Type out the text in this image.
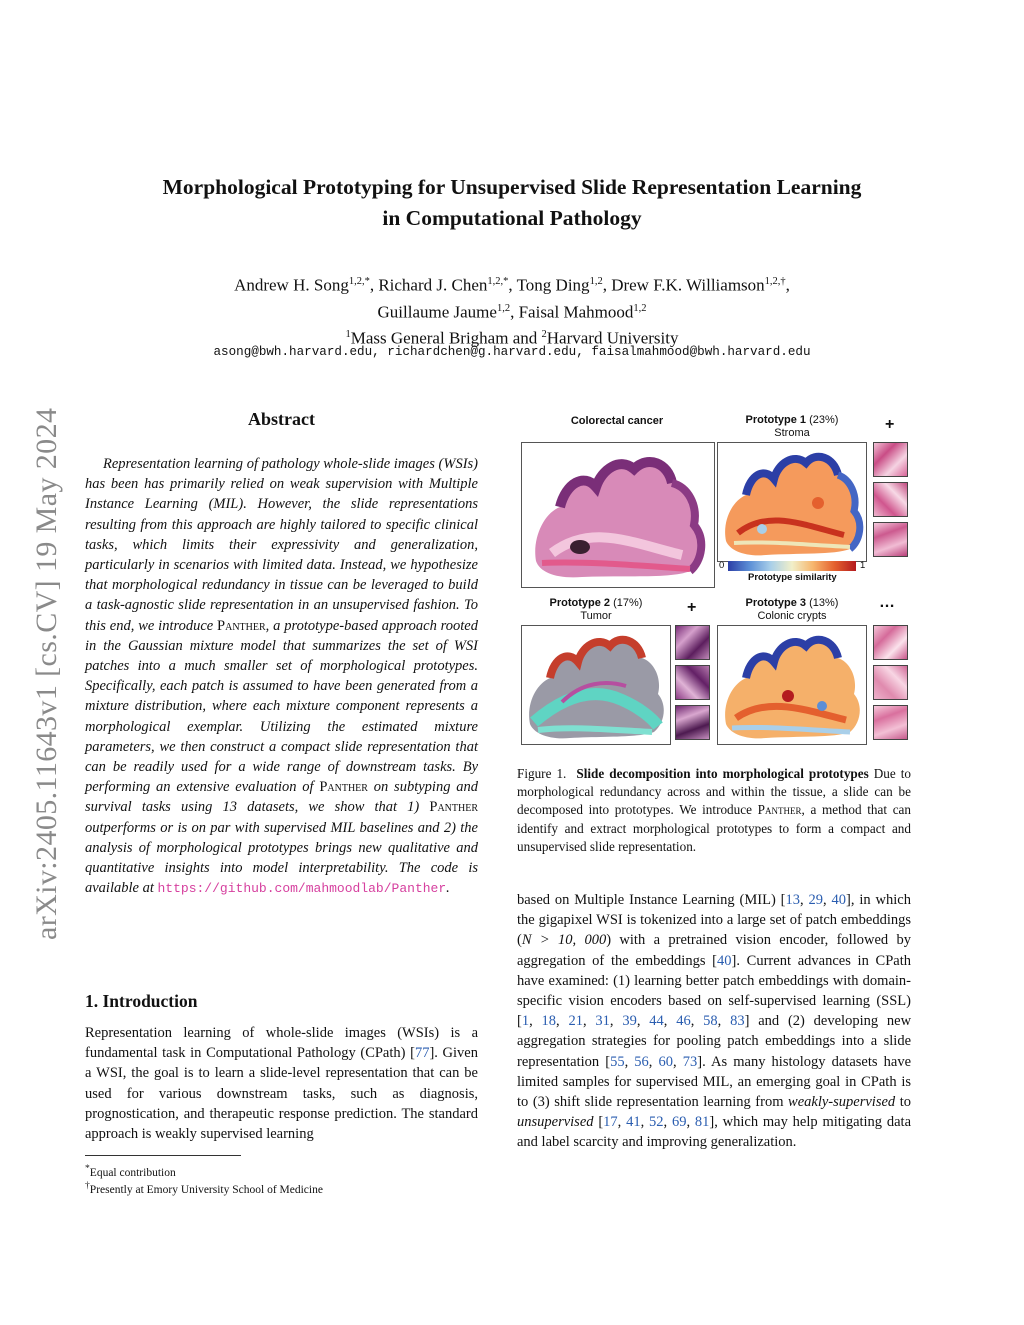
arXiv:2405.11643v1 [cs.CV] 19 May 2024
Morphological Prototyping for Unsupervised Slide Representation Learning
in Computational Pathology
Andrew H. Song$^{1,2,*}$, Richard J. Chen$^{1,2,*}$, Tong Ding$^{1,2}$, Drew F.K. Williamson$^{1,2,\dagger}$,
Guillaume Jaume$^{1,2}$, Faisal Mahmood$^{1,2}$
$^1$Mass General Brigham and $^2$Harvard University
asong@bwh.harvard.edu, richardchen@g.harvard.edu, faisalmahmood@bwh.harvard.edu
Abstract

Representation learning of pathology whole-slide images (WSIs) has been has primarily relied on weak supervision with Multiple Instance Learning (MIL). However, the slide representations resulting from this approach are highly tailored to specific clinical tasks, which limits their expressivity and generalization, particularly in scenarios with limited data. Instead, we hypothesize that morphological redundancy in tissue can be leveraged to build a task-agnostic slide representation in an unsupervised fashion. To this end, we introduce Panther, a prototype-based approach rooted in the Gaussian mixture model that summarizes the set of WSI patches into a much smaller set of morphological prototypes. Specifically, each patch is assumed to have been generated from a mixture distribution, where each mixture component represents a morphological exemplar. Utilizing the estimated mixture parameters, we then construct a compact slide representation that can be readily used for a wide range of downstream tasks. By performing an extensive evaluation of Panther on subtyping and survival tasks using 13 datasets, we show that 1) Panther outperforms or is on par with supervised MIL baselines and 2) the analysis of morphological prototypes brings new qualitative and quantitative insights into model interpretability. The code is available at https://github.com/mahmoodlab/Panther.

1. Introduction

Representation learning of whole-slide images (WSIs) is a fundamental task in Computational Pathology (CPath) [77]. Given a WSI, the goal is to learn a slide-level representation that can be used for various downstream tasks, such as diagnosis, prognostication, and therapeutic response prediction. The standard approach is weakly supervised learning

*Equal contribution
†Presently at Emory University School of Medicine
Colorectal cancer	Prototype 1 (23%)
Stroma	+
0	1
Prototype similarity
Prototype 2 (17%)
Tumor	+	Prototype 3 (13%)
Colonic crypts
…

Figure 1. Slide decomposition into morphological prototypes Due to morphological redundancy across and within the tissue, a slide can be decomposed into prototypes. We introduce Panther, a method that can identify and extract morphological prototypes to form a compact and unsupervised slide representation.

based on Multiple Instance Learning (MIL) [13, 29, 40], in which the gigapixel WSI is tokenized into a large set of patch embeddings (N > 10, 000) with a pretrained vision encoder, followed by aggregation of the embeddings [40]. Current advances in CPath have examined: (1) learning better patch embeddings with domain-specific vision encoders based on self-supervised learning (SSL) [1, 18, 21, 31, 39, 44, 46, 58, 83] and (2) developing new aggregation strategies for pooling patch embeddings into a slide representation [55, 56, 60, 73]. As many histology datasets have limited samples for supervised MIL, an emerging goal in CPath is to (3) shift slide representation learning from weakly-supervised to unsupervised [17, 41, 52, 69, 81], which may help mitigating data and label scarcity and improving generalization.
